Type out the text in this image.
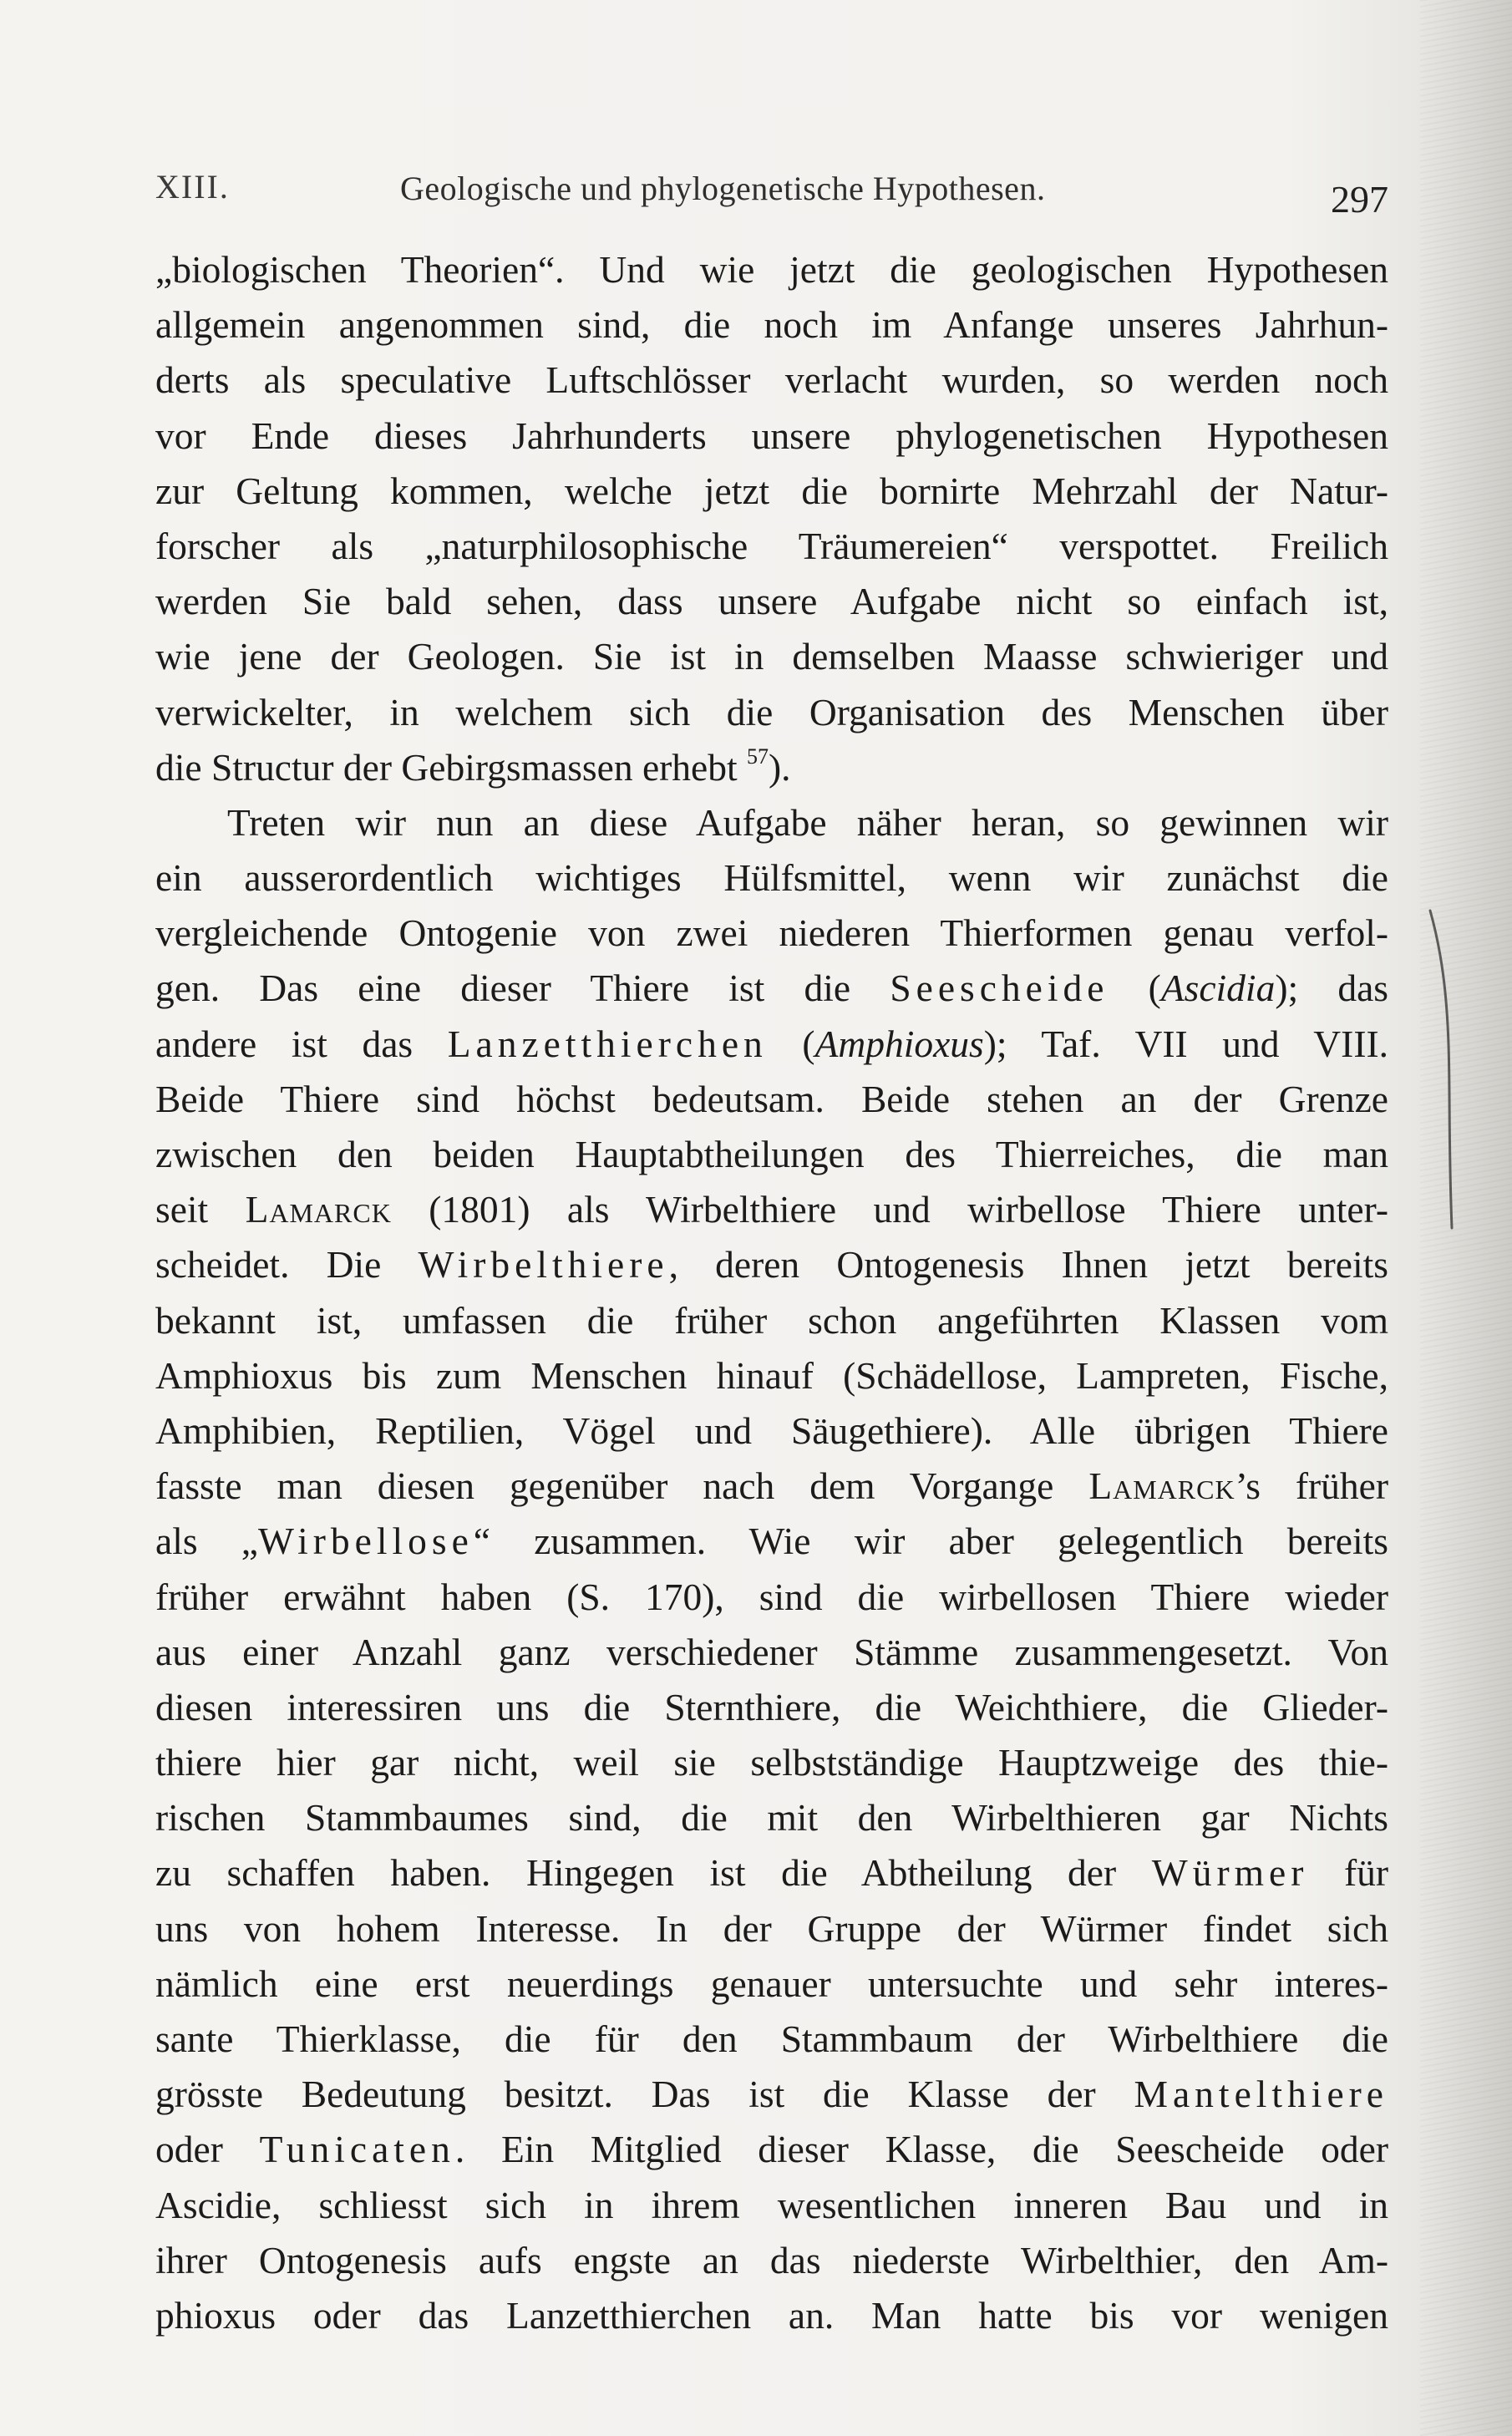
XIII.	Geologische und phylogenetische Hypothesen.	297
„biologischen Theorien“. Und wie jetzt die geologischen Hypothesen
allgemein angenommen sind, die noch im Anfange unseres Jahrhun-
derts als speculative Luftschlösser verlacht wurden, so werden noch
vor Ende dieses Jahrhunderts unsere phylogenetischen Hypothesen
zur Geltung kommen, welche jetzt die bornirte Mehrzahl der Natur-
forscher als „naturphilosophische Träumereien“ verspottet. Freilich
werden Sie bald sehen, dass unsere Aufgabe nicht so einfach ist,
wie jene der Geologen. Sie ist in demselben Maasse schwieriger und
verwickelter, in welchem sich die Organisation des Menschen über
die Structur der Gebirgsmassen erhebt $^{57}$).
Treten wir nun an diese Aufgabe näher heran, so gewinnen wir
ein ausserordentlich wichtiges Hülfsmittel, wenn wir zunächst die
vergleichende Ontogenie von zwei niederen Thierformen genau verfol-
gen. Das eine dieser Thiere ist die Seescheide (Ascidia); das
andere ist das Lanzetthierchen (Amphioxus); Taf. VII und VIII.
Beide Thiere sind höchst bedeutsam. Beide stehen an der Grenze
zwischen den beiden Hauptabtheilungen des Thierreiches, die man
seit Lamarck (1801) als Wirbelthiere und wirbellose Thiere unter-
scheidet. Die Wirbelthiere, deren Ontogenesis Ihnen jetzt bereits
bekannt ist, umfassen die früher schon angeführten Klassen vom
Amphioxus bis zum Menschen hinauf (Schädellose, Lampreten, Fische,
Amphibien, Reptilien, Vögel und Säugethiere). Alle übrigen Thiere
fasste man diesen gegenüber nach dem Vorgange Lamarck’s früher
als „Wirbellose“ zusammen. Wie wir aber gelegentlich bereits
früher erwähnt haben (S. 170), sind die wirbellosen Thiere wieder
aus einer Anzahl ganz verschiedener Stämme zusammengesetzt. Von
diesen interessiren uns die Sternthiere, die Weichthiere, die Glieder-
thiere hier gar nicht, weil sie selbstständige Hauptzweige des thie-
rischen Stammbaumes sind, die mit den Wirbelthieren gar Nichts
zu schaffen haben. Hingegen ist die Abtheilung der Würmer für
uns von hohem Interesse. In der Gruppe der Würmer findet sich
nämlich eine erst neuerdings genauer untersuchte und sehr interes-
sante Thierklasse, die für den Stammbaum der Wirbelthiere die
grösste Bedeutung besitzt. Das ist die Klasse der Mantelthiere
oder Tunicaten. Ein Mitglied dieser Klasse, die Seescheide oder
Ascidie, schliesst sich in ihrem wesentlichen inneren Bau und in
ihrer Ontogenesis aufs engste an das niederste Wirbelthier, den Am-
phioxus oder das Lanzetthierchen an. Man hatte bis vor wenigen
